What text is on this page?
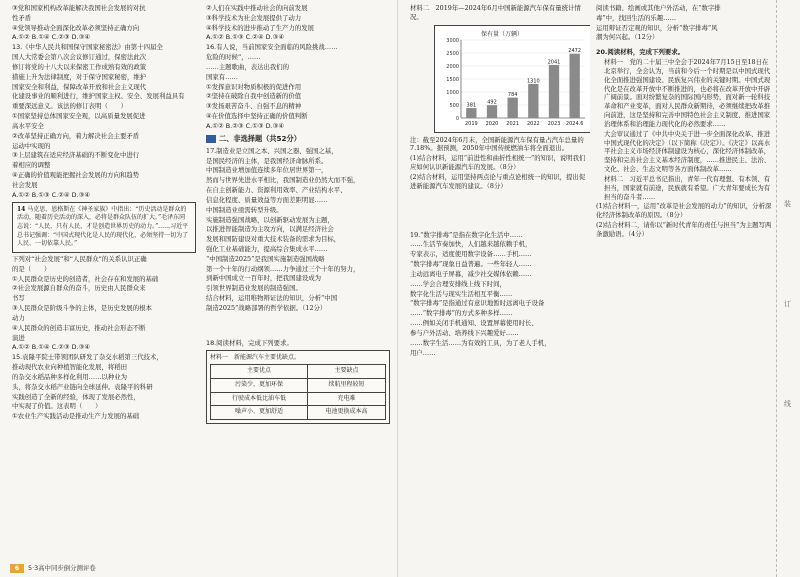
③党和国家机构改革能解决我国社会发展的对抗
性矛盾
④党领导推动全面深化改革必须坚持正确方向
A.①② B.①④ C.②③ D.③④
13.《中华人民共和国保守国家秘密法》由第十四届全
国人大常委会第八次会议修订通过，保密法此次
修订将党的十八大以来保密工作成熟有效的政策
措施上升为法律制度，对于保守国家秘密，维护
国家安全和利益，保障改革开放和社会主义现代
化建设事业的顺利进行，维护国家主权、安全、发展利益具有
重要深远意义。该法的修订表明（　　）
①国家坚持总体国家安全观，以高质量发展促进
高水平安全
②改革坚持正确方向，着力解决社会主要矛盾
运动中实现的
③上层建筑在适应经济基础的不断变化中进行
着相应的调整
④正确的价值观能把握社会发展的方向和趋势
社会发展
A.①② B.①③ C.②④ D.③④
14 马克思、恩格斯在《神圣家族》中指出：“历史活动是群众的活动，随着历史活动的深入，必将是群众队伍的扩大。”毛泽东同志说：“人民，只有人民，才是创造世界历史的动力。”……习近平总书记强调：“中国式现代化是人民的现代化，必须坚持一切为了人民、一切依靠人民。”
下列对“社会发展”和“人民群众”的关系认识正确
的是（　　）
①人民群众是历史的创造者，社会存在和发展的基础
②社会发展源自群众的奋斗，历史由人民群众来
书写
③人民群众是阶级斗争的主体，是历史发展的根本
动力
④人民群众的创造丰富历史，推动社会形态不断
演进
A.①② B.①④ C.②③ D.③④
15.袁隆平院士带领团队研发了杂交水稻第三代技术，
推动现代农业向种植智能化发展，将稻田
的杂交水稻品种多样化利用……以种业为
头，将杂交水稻产业链向全球延伸。袁隆平的科研
实践创造了全新的经验，体现了发展必然性，
中实现了价值。这表明（　　）
①农业生产实践活动是推动生产力发展的基础
②人们在实践中推动社会的向前发展
③科学技术为社会发展提供了动力
④科学技术的进步推动了生产力的发展
A.①② B.①③ C.②④ D.③④
16.有人说，当前国家安全面临的风险挑战……
危险的时候”，……
……主题歌曲，表达出我们的
国家有……
①发挥意识对物质积极的促进作用
②坚持在破除自我中创造新的价值
③发扬艰苦奋斗、自强不息的精神
④在价值选择中坚持正确的价值判断
A.①② B.②③ C.①③ D.③④
二、非选择题（共52分）
17.制造业是立国之本、兴国之器、强国之基，
是国民经济的主体，是我国经济命脉所系。
中国制造业增加值连续多年位居世界第一，
然而与世界先进水平相比，我国制造业仍然大而不强，
在自主创新能力、资源利用效率、产业结构水平、
信息化程度、质量效益等方面差距明显……
中国制造业亟需转型升级。
实施制造强国战略，以创新驱动发展为主题，
以推进智能制造为主攻方向，以满足经济社会
发展和国防建设对重大技术装备的需求为目标，
强化工业基础能力，提高综合集成水平……
“中国制造2025”是我国实施制造强国战略
第一个十年的行动纲领……力争通过三个十年的努力，
到新中国成立一百年时，把我国建设成为
引领世界制造业发展的制造强国。
结合材料，运用唯物辩证法的知识，分析“中国
制造2025”战略部署的哲学依据。（12分）
18.阅读材料，完成下列要求。
材料一　新能源汽车主要优缺点。
主要优点	主要缺点
污染少、更加环保	续航里程较短
行驶成本低比油车低	充电难
噪声小、更加舒适	电池更换成本高
6	5·3高中同步倒分测评卷
材料二　2019年—2024年6月中国新能源汽车保有量统计情况。
保有量（万辆）
0
500
1000
1500
2000
2500
3000
381
2019
492
2020
784
2021
1310
2022
2041
2023
2472
2024.6
注：截至2024年6月末，全国新能源汽车保有量占汽车总量的7.18%。据预测，2050年中国传统燃油车将全面退出。
(1)结合材料，运用“前进性和曲折性相统一”的知识，说明我们应如何认识新能源汽车的发展。（8分）
(2)结合材料，运用坚持两点论与重点论相统一的知识，提出促进新能源汽车发展的建议。（8分）
19.“数字排毒”是指在数字化生活中……
……生活节奏加快，人们越来越依赖手机，
专家表示，适度使用数字设备……手机……
“数字排毒”现象日益普遍。一些年轻人……
主动远离电子屏幕，减少社交媒体依赖……
……学会合理安排线上线下时间，
数字化生活与现实生活相互平衡……
“数字排毒”是指通过有意识地暂时远离电子设备
……“数字排毒”的方式多种多样……
……例如关闭手机通知、设置屏幕使用时长、
参与户外活动、培养线下兴趣爱好……
……数字生活……为有效的工具，为了老人手机，
用户……
阅读书籍、绘画或其他户外活动，在“数字排
毒”中，找回生活的乐趣……
运用辩证否定观的知识，分析“数字排毒”风
潮为何兴起。（12分）
20.阅读材料，完成下列要求。
材料一　党的二十届三中全会于2024年7月15日至18日在北京举行，全会认为，当前和今后一个时期是以中国式现代化全面推进强国建设、民族复兴伟业的关键时期。中国式现代化是在改革开放中不断推进的，也必将在改革开放中开辟广阔前景。面对纷繁复杂的国际国内形势，面对新一轮科技革命和产业变革，面对人民群众新期待，必须继续把改革推向前进，这是坚持和完善中国特色社会主义制度、推进国家治理体系和治理能力现代化的必然要求……
大会审议通过了《中共中央关于进一步全面深化改革、推进中国式现代化的决定》（以下简称《决定》）。《决定》以高水平社会主义市场经济体制建设为核心，深化经济体制改革，坚持和完善社会主义基本经济制度，……推进民主、法治、文化、社会、生态文明等各方面体制改革……
材料二　习近平总书记指出，青年一代有理想、有本领、有担当，国家就有前途，民族就有希望。广大青年要成长为有担当的奋斗者……
(1)结合材料一，运用“改革是社会发展的动力”的知识，分析深化经济体制改革的原因。（8分）
(2)结合材料二，请你以“新时代青年的责任与担当”为主题写两条激励语。（4分）
装
订
线
